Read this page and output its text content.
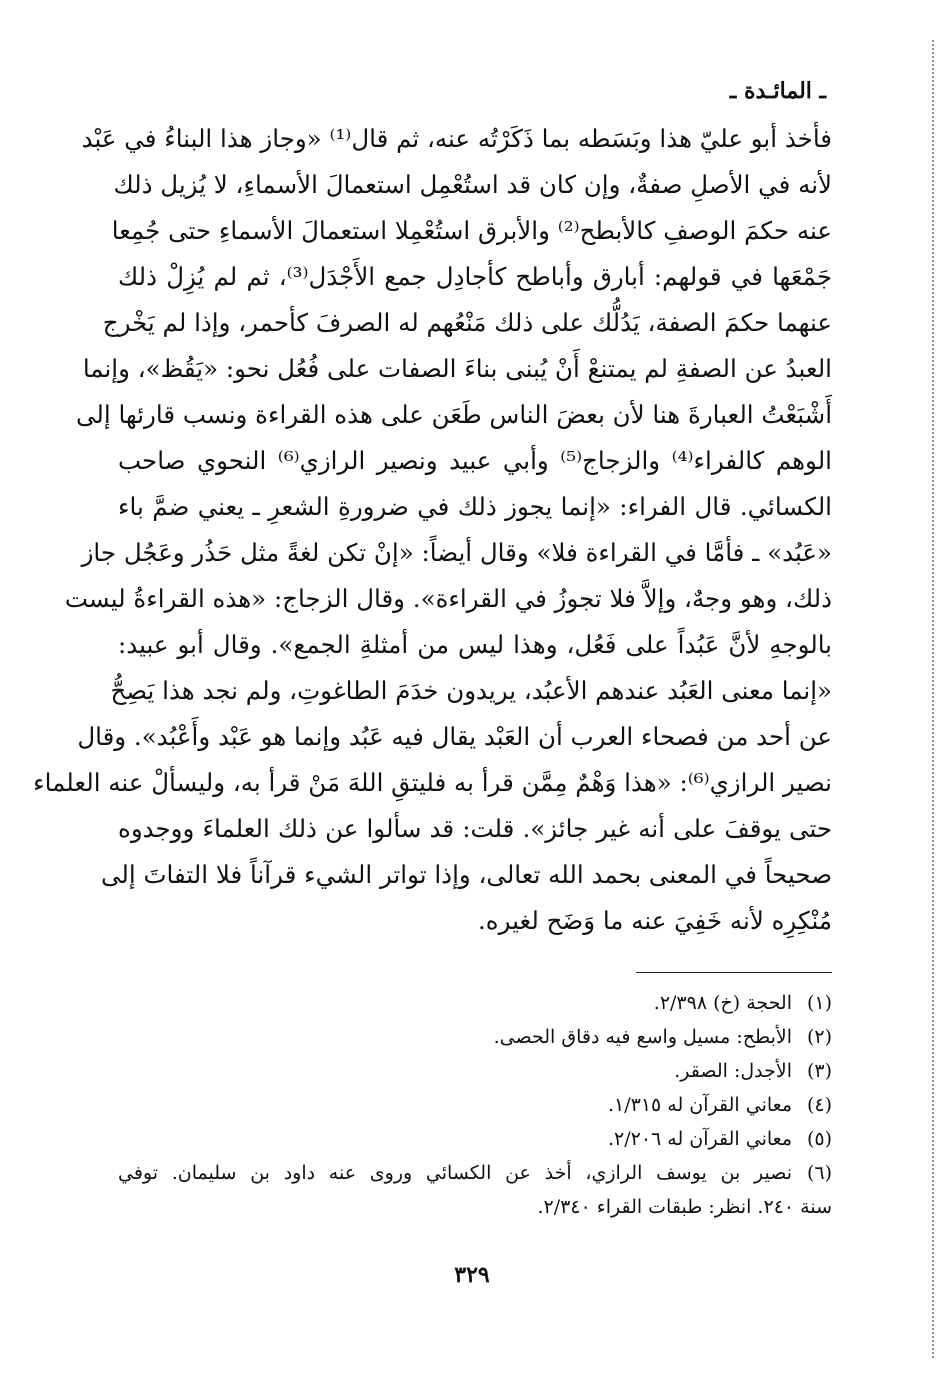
ـ المائـدة ـ
فأخذ أبو عليّ هذا وبَسَطه بما ذَكَرْتُه عنه، ثم قال⁽¹⁾ «وجاز هذا البناءُ في عَبْد
لأنه في الأصلِ صفةٌ، وإن كان قد استُعْمِل استعمالَ الأسماءِ، لا يُزيل ذلك
عنه حكمَ الوصفِ كالأبطح⁽²⁾ والأبرق استُعْمِلا استعمالَ الأسماءِ حتى جُمِعا
جَمْعَها في قولهم: أبارق وأباطح كأجادِل جمع الأَجْدَل⁽³⁾، ثم لم يُزِلْ ذلك
عنهما حكمَ الصفة، يَدُلُّك على ذلك مَنْعُهم له الصرفَ كأحمر، وإذا لم يَخْرج
العبدُ عن الصفةِ لم يمتنعْ أَنْ يُبنى بناءَ الصفات على فُعُل نحو: «يَقُظ»، وإنما
أَشْبَعْتُ العبارةَ هنا لأن بعضَ الناس طَعَن على هذه القراءة ونسب قارئها إلى
الوهم كالفراء⁽⁴⁾ والزجاج⁽⁵⁾ وأبي عبيد ونصير الرازي⁽⁶⁾ النحوي صاحب
الكسائي. قال الفراء: «إنما يجوز ذلك في ضرورةِ الشعرِ ـ يعني ضمَّ باء
«عَبُد» ـ فأمَّا في القراءة فلا» وقال أيضاً: «إنْ تكن لغةً مثل حَذُر وعَجُل جاز
ذلك، وهو وجهٌ، وإلاَّ فلا تجوزُ في القراءة». وقال الزجاج: «هذه القراءةُ ليست
بالوجهِ لأنَّ عَبُداً على فَعُل، وهذا ليس من أمثلةِ الجمع». وقال أبو عبيد:
«إنما معنى العَبُد عندهم الأعبُد، يريدون خدَمَ الطاغوتِ، ولم نجد هذا يَصِحُّ
عن أحد من فصحاء العرب أن العَبْد يقال فيه عَبُد وإنما هو عَبْد وأَعْبُد». وقال
نصير الرازي⁽⁶⁾: «هذا وَهْمٌ مِمَّن قرأ به فليتقِ اللهَ مَنْ قرأ به، وليسألْ عنه العلماء
حتى يوقفَ على أنه غير جائز». قلت: قد سألوا عن ذلك العلماءَ ووجدوه
صحيحاً في المعنى بحمد الله تعالى، وإذا تواتر الشيء قرآناً فلا التفاتَ إلى
مُنْكِرِه لأنه خَفِيَ عنه ما وَضَح لغيره.
(١)الحجة (خ) ٢/٣٩٨.
(٢)الأبطح: مسيل واسع فيه دقاق الحصى.
(٣)الأجدل: الصقر.
(٤)معاني القرآن له ١/٣١٥.
(٥)معاني القرآن له ٢/٢٠٦.
(٦)نصير بن يوسف الرازي، أخذ عن الكسائي وروى عنه داود بن سليمان. توفي
سنة ٢٤٠. انظر: طبقات القراء ٢/٣٤٠.
٣٢٩
